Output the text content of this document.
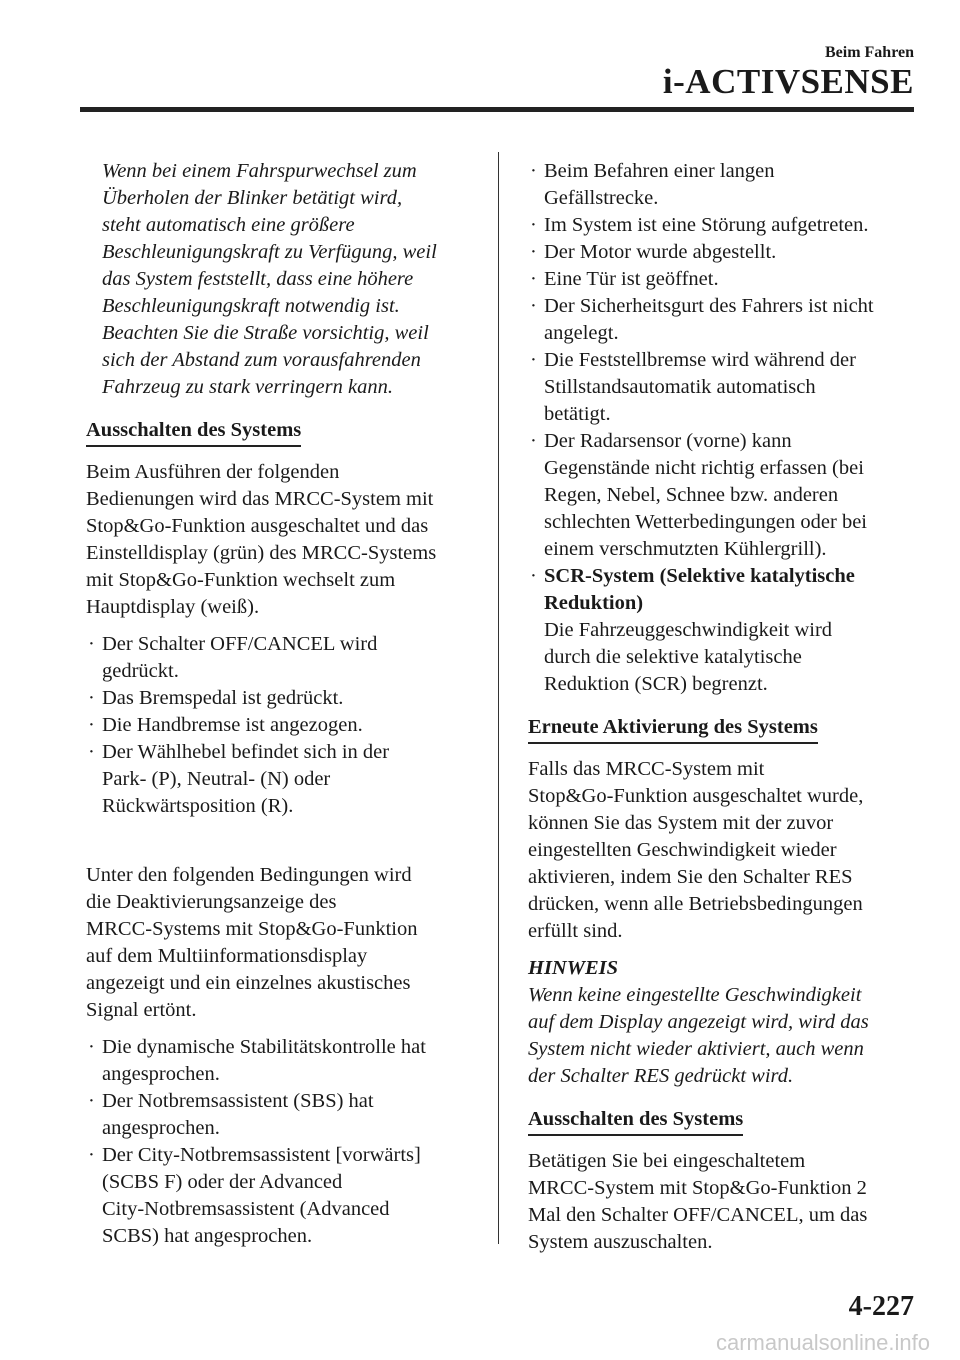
Beim Fahren
i-ACTIVSENSE
Wenn bei einem Fahrspurwechsel zum
Überholen der Blinker betätigt wird,
steht automatisch eine größere
Beschleunigungskraft zu Verfügung, weil
das System feststellt, dass eine höhere
Beschleunigungskraft notwendig ist.
Beachten Sie die Straße vorsichtig, weil
sich der Abstand zum vorausfahrenden
Fahrzeug zu stark verringern kann.
Ausschalten des Systems
Beim Ausführen der folgenden
Bedienungen wird das MRCC-System mit
Stop&Go-Funktion ausgeschaltet und das
Einstelldisplay (grün) des MRCC-Systems
mit Stop&Go-Funktion wechselt zum
Hauptdisplay (weiß).
· Der Schalter OFF/CANCEL wird
gedrückt.
· Das Bremspedal ist gedrückt.
· Die Handbremse ist angezogen.
· Der Wählhebel befindet sich in der
Park- (P), Neutral- (N) oder
Rückwärtsposition (R).
Unter den folgenden Bedingungen wird
die Deaktivierungsanzeige des
MRCC-Systems mit Stop&Go-Funktion
auf dem Multiinformationsdisplay
angezeigt und ein einzelnes akustisches
Signal ertönt.
· Die dynamische Stabilitätskontrolle hat
angesprochen.
· Der Notbremsassistent (SBS) hat
angesprochen.
· Der City-Notbremsassistent [vorwärts]
(SCBS F) oder der Advanced
City-Notbremsassistent (Advanced
SCBS) hat angesprochen.
· Beim Befahren einer langen
Gefällstrecke.
· Im System ist eine Störung aufgetreten.
· Der Motor wurde abgestellt.
· Eine Tür ist geöffnet.
· Der Sicherheitsgurt des Fahrers ist nicht
angelegt.
· Die Feststellbremse wird während der
Stillstandsautomatik automatisch
betätigt.
· Der Radarsensor (vorne) kann
Gegenstände nicht richtig erfassen (bei
Regen, Nebel, Schnee bzw. anderen
schlechten Wetterbedingungen oder bei
einem verschmutzten Kühlergrill).
· SCR-System (Selektive katalytische
Reduktion)
Die Fahrzeuggeschwindigkeit wird
durch die selektive katalytische
Reduktion (SCR) begrenzt.
Erneute Aktivierung des Systems
Falls das MRCC-System mit
Stop&Go-Funktion ausgeschaltet wurde,
können Sie das System mit der zuvor
eingestellten Geschwindigkeit wieder
aktivieren, indem Sie den Schalter RES
drücken, wenn alle Betriebsbedingungen
erfüllt sind.
HINWEIS
Wenn keine eingestellte Geschwindigkeit
auf dem Display angezeigt wird, wird das
System nicht wieder aktiviert, auch wenn
der Schalter RES gedrückt wird.
Ausschalten des Systems
Betätigen Sie bei eingeschaltetem
MRCC-System mit Stop&Go-Funktion 2
Mal den Schalter OFF/CANCEL, um das
System auszuschalten.
4-227
carmanualsonline.info
